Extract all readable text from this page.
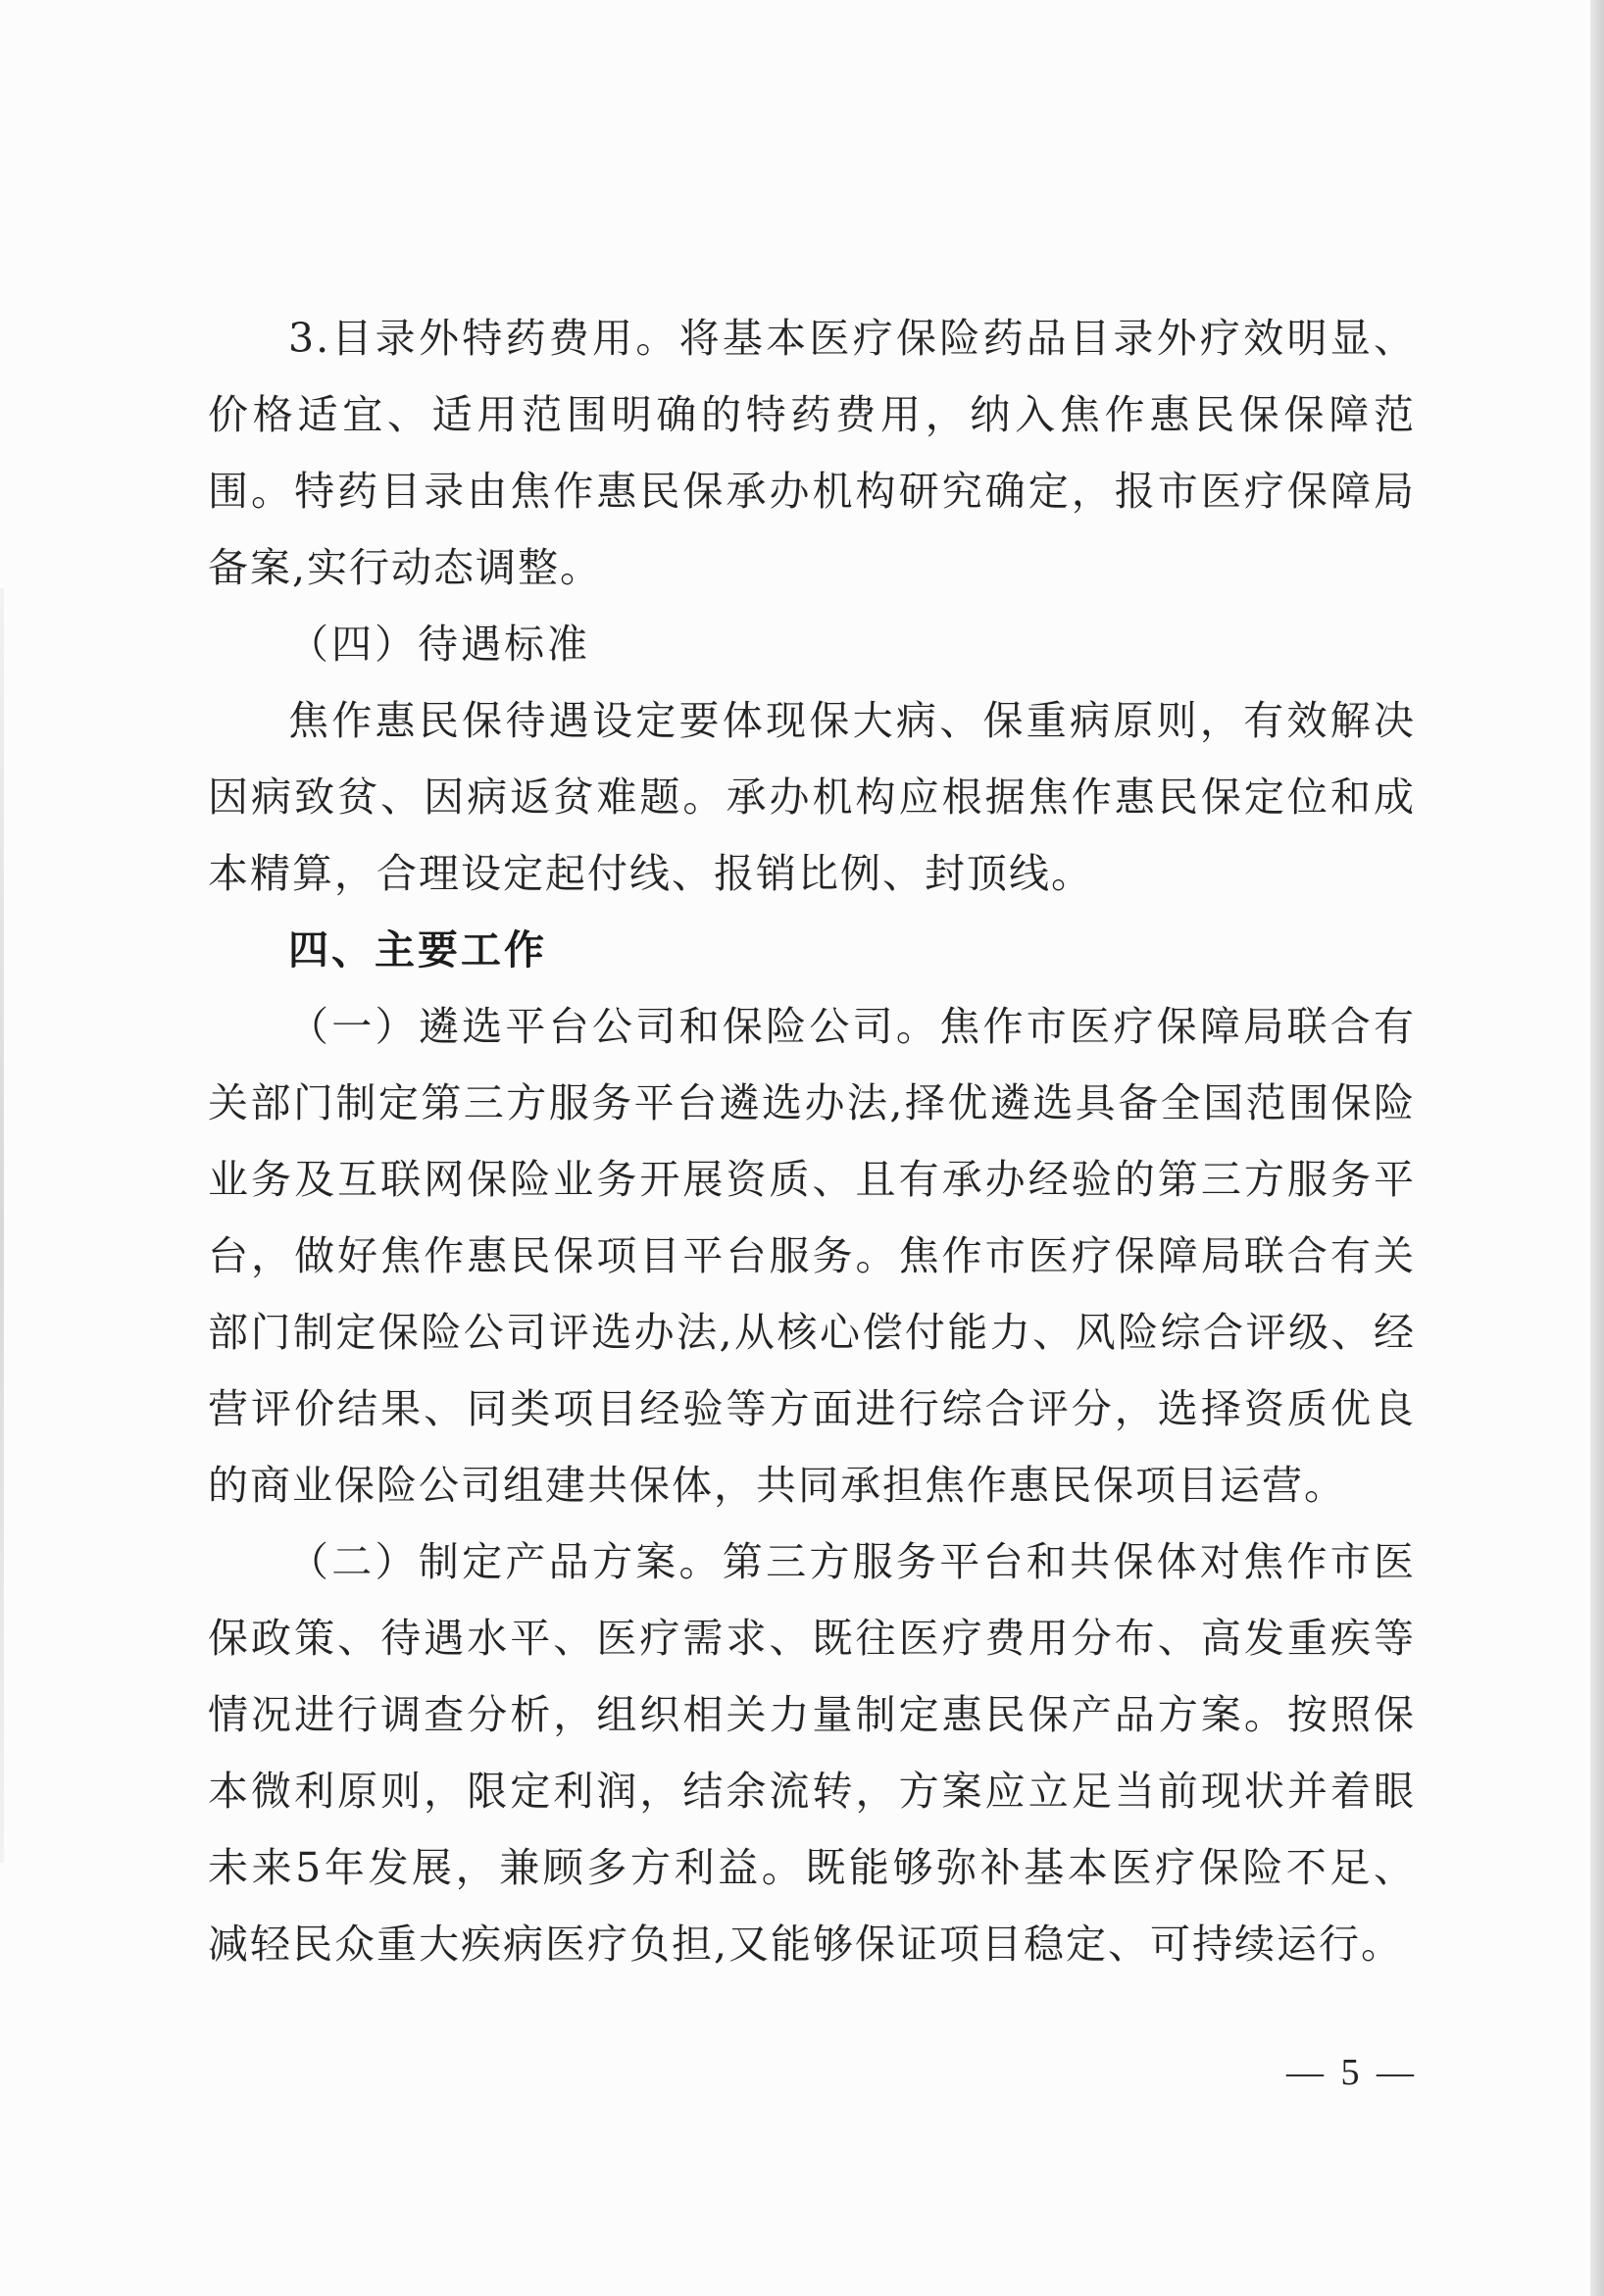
3.目录外特药费用。将基本医疗保险药品目录外疗效明显、价格适宜、适用范围明确的特药费用，纳入焦作惠民保保障范围。特药目录由焦作惠民保承办机构研究确定，报市医疗保障局备案,实行动态调整。

（四）待遇标准

焦作惠民保待遇设定要体现保大病、保重病原则，有效解决因病致贫、因病返贫难题。承办机构应根据焦作惠民保定位和成本精算，合理设定起付线、报销比例、封顶线。

四、主要工作

（一）遴选平台公司和保险公司。焦作市医疗保障局联合有关部门制定第三方服务平台遴选办法,择优遴选具备全国范围保险业务及互联网保险业务开展资质、且有承办经验的第三方服务平台，做好焦作惠民保项目平台服务。焦作市医疗保障局联合有关部门制定保险公司评选办法,从核心偿付能力、风险综合评级、经营评价结果、同类项目经验等方面进行综合评分，选择资质优良的商业保险公司组建共保体，共同承担焦作惠民保项目运营。

（二）制定产品方案。第三方服务平台和共保体对焦作市医保政策、待遇水平、医疗需求、既往医疗费用分布、高发重疾等情况进行调查分析，组织相关力量制定惠民保产品方案。按照保本微利原则，限定利润，结余流转，方案应立足当前现状并着眼未来5年发展，兼顾多方利益。既能够弥补基本医疗保险不足、减轻民众重大疾病医疗负担,又能够保证项目稳定、可持续运行。

— 5 —
